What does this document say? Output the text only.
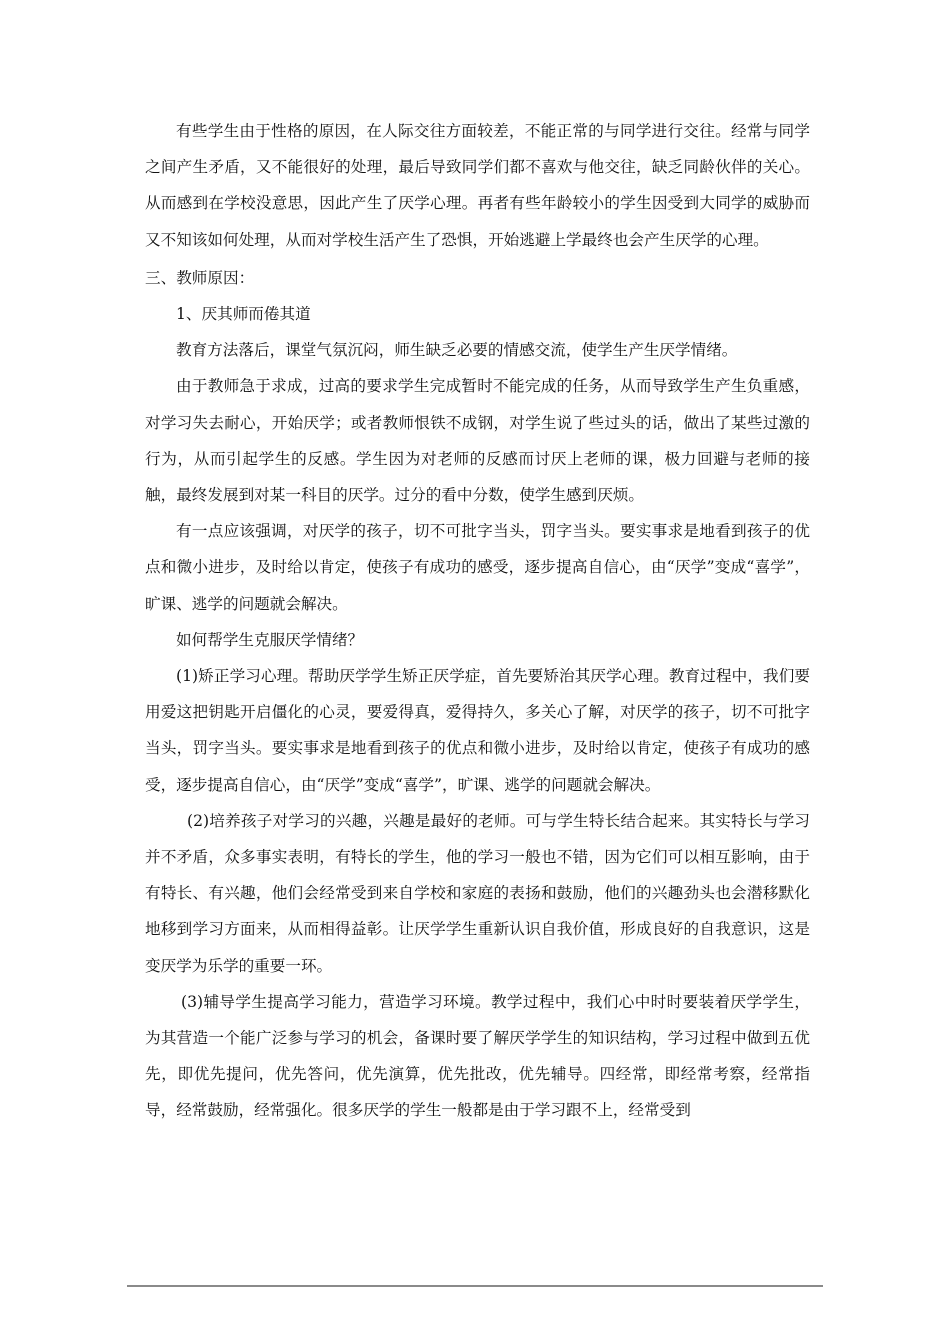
有些学生由于性格的原因，在人际交往方面较差，不能正常的与同学进行交往。经常与同学之间产生矛盾，又不能很好的处理，最后导致同学们都不喜欢与他交往，缺乏同龄伙伴的关心。从而感到在学校没意思，因此产生了厌学心理。再者有些年龄较小的学生因受到大同学的威胁而又不知该如何处理，从而对学校生活产生了恐惧，开始逃避上学最终也会产生厌学的心理。

三、教师原因：

1、厌其师而倦其道

教育方法落后，课堂气氛沉闷，师生缺乏必要的情感交流，使学生产生厌学情绪。

由于教师急于求成，过高的要求学生完成暂时不能完成的任务，从而导致学生产生负重感，对学习失去耐心，开始厌学；或者教师恨铁不成钢，对学生说了些过头的话，做出了某些过激的行为，从而引起学生的反感。学生因为对老师的反感而讨厌上老师的课，极力回避与老师的接触，最终发展到对某一科目的厌学。过分的看中分数，使学生感到厌烦。

有一点应该强调，对厌学的孩子，切不可批字当头，罚字当头。要实事求是地看到孩子的优点和微小进步，及时给以肯定，使孩子有成功的感受，逐步提高自信心，由“厌学”变成“喜学”，旷课、逃学的问题就会解决。

如何帮学生克服厌学情绪？

(1)矫正学习心理。帮助厌学学生矫正厌学症，首先要矫治其厌学心理。教育过程中，我们要用爱这把钥匙开启僵化的心灵，要爱得真，爱得持久，多关心了解，对厌学的孩子，切不可批字当头，罚字当头。要实事求是地看到孩子的优点和微小进步，及时给以肯定，使孩子有成功的感受，逐步提高自信心，由“厌学”变成“喜学”，旷课、逃学的问题就会解决。

(2)培养孩子对学习的兴趣，兴趣是最好的老师。可与学生特长结合起来。其实特长与学习并不矛盾，众多事实表明，有特长的学生，他的学习一般也不错，因为它们可以相互影响，由于有特长、有兴趣，他们会经常受到来自学校和家庭的表扬和鼓励，他们的兴趣劲头也会潜移默化地移到学习方面来，从而相得益彰。让厌学学生重新认识自我价值，形成良好的自我意识，这是变厌学为乐学的重要一环。

(3)辅导学生提高学习能力，营造学习环境。教学过程中，我们心中时时要装着厌学学生，为其营造一个能广泛参与学习的机会，备课时要了解厌学学生的知识结构，学习过程中做到五优先，即优先提问，优先答问，优先演算，优先批改，优先辅导。四经常，即经常考察，经常指导，经常鼓励，经常强化。很多厌学的学生一般都是由于学习跟不上，经常受到
